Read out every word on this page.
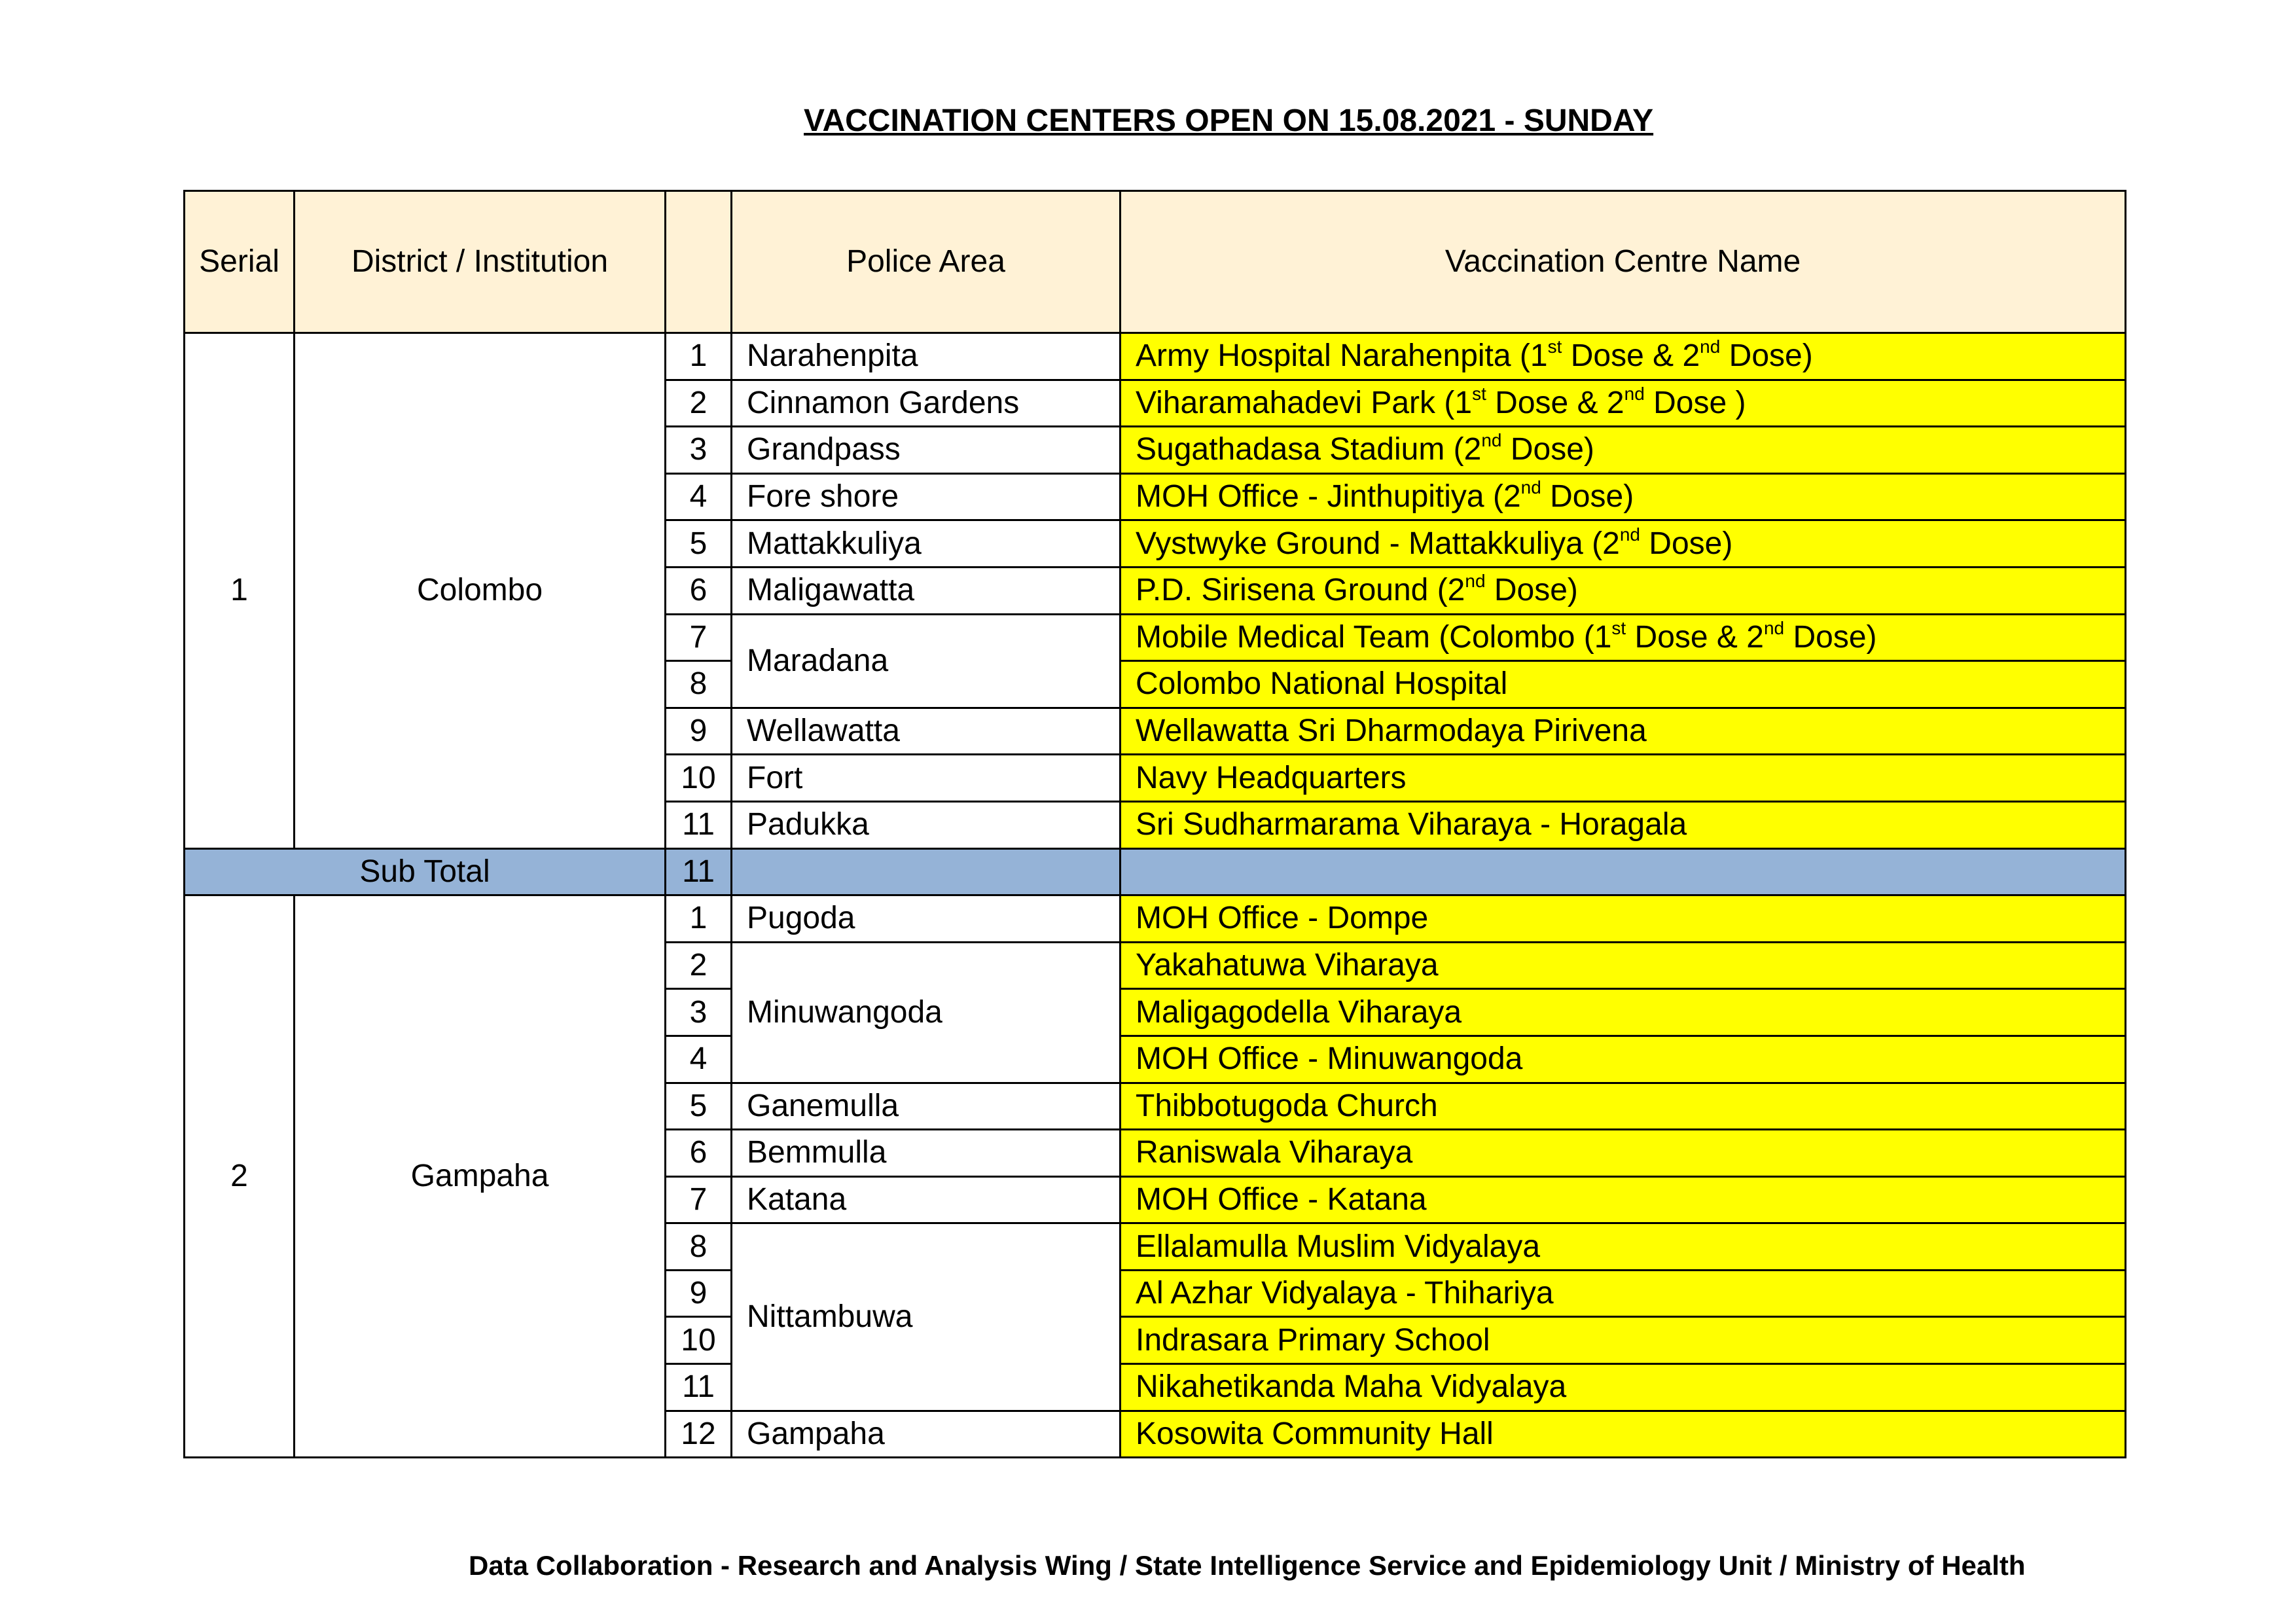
VACCINATION CENTERS OPEN ON 15.08.2021 - SUNDAY
Serial	District / Institution		Police Area	Vaccination Centre Name
1	Colombo	1	Narahenpita	Army Hospital Narahenpita (1st Dose & 2nd Dose)
		2	Cinnamon Gardens	Viharamahadevi Park (1st Dose & 2nd Dose )
		3	Grandpass	Sugathadasa Stadium (2nd Dose)
		4	Fore shore	MOH Office - Jinthupitiya (2nd Dose)
		5	Mattakkuliya	Vystwyke Ground - Mattakkuliya (2nd Dose)
		6	Maligawatta	P.D. Sirisena Ground (2nd Dose)
		7	Maradana	Mobile Medical Team (Colombo (1st Dose & 2nd Dose)
		8		Colombo National Hospital
		9	Wellawatta	Wellawatta Sri Dharmodaya Pirivena
		10	Fort	Navy Headquarters
		11	Padukka	Sri Sudharmarama Viharaya - Horagala
Sub Total		11		
2	Gampaha	1	Pugoda	MOH Office - Dompe
		2	Minuwangoda	Yakahatuwa Viharaya
		3		Maligagodella Viharaya
		4		MOH Office - Minuwangoda
		5	Ganemulla	Thibbotugoda Church
		6	Bemmulla	Raniswala Viharaya
		7	Katana	MOH Office - Katana
		8	Nittambuwa	Ellalamulla Muslim Vidyalaya
		9		Al Azhar Vidyalaya - Thihariya
		10		Indrasara Primary School
		11		Nikahetikanda Maha Vidyalaya
		12	Gampaha	Kosowita Community Hall
Data Collaboration - Research and Analysis Wing / State Intelligence Service and Epidemiology Unit / Ministry of Health
